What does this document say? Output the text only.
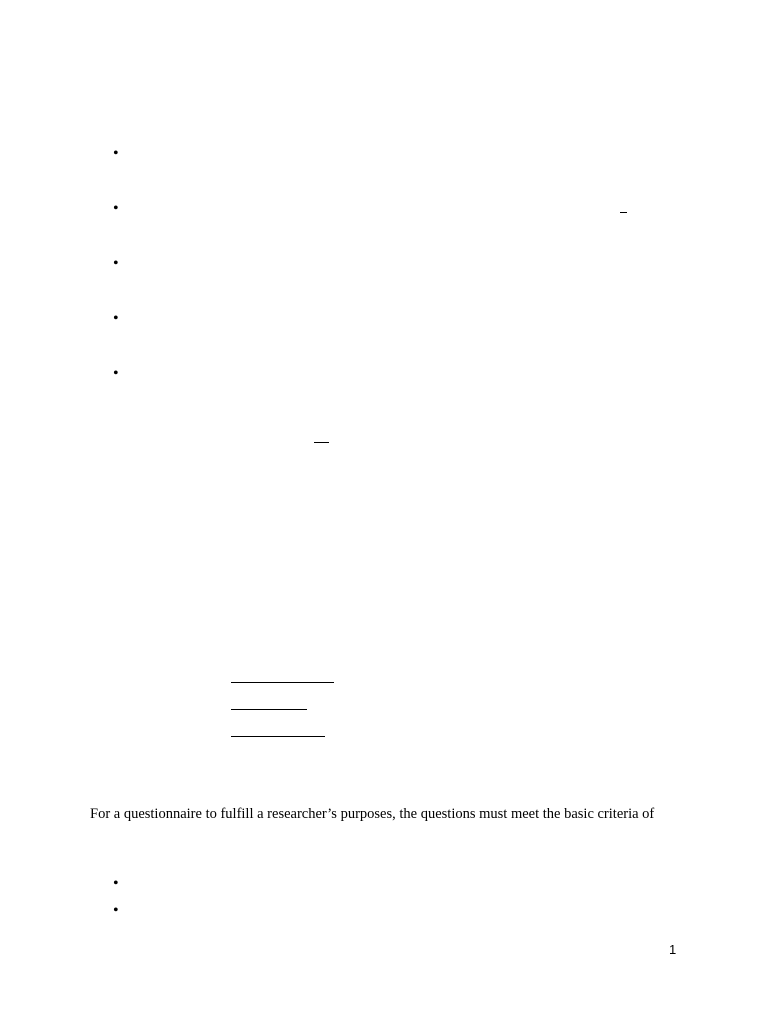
•
•
•
•
•

For a questionnaire to fulfill a researcher’s purposes, the questions must meet the basic criteria of

•
•
1
